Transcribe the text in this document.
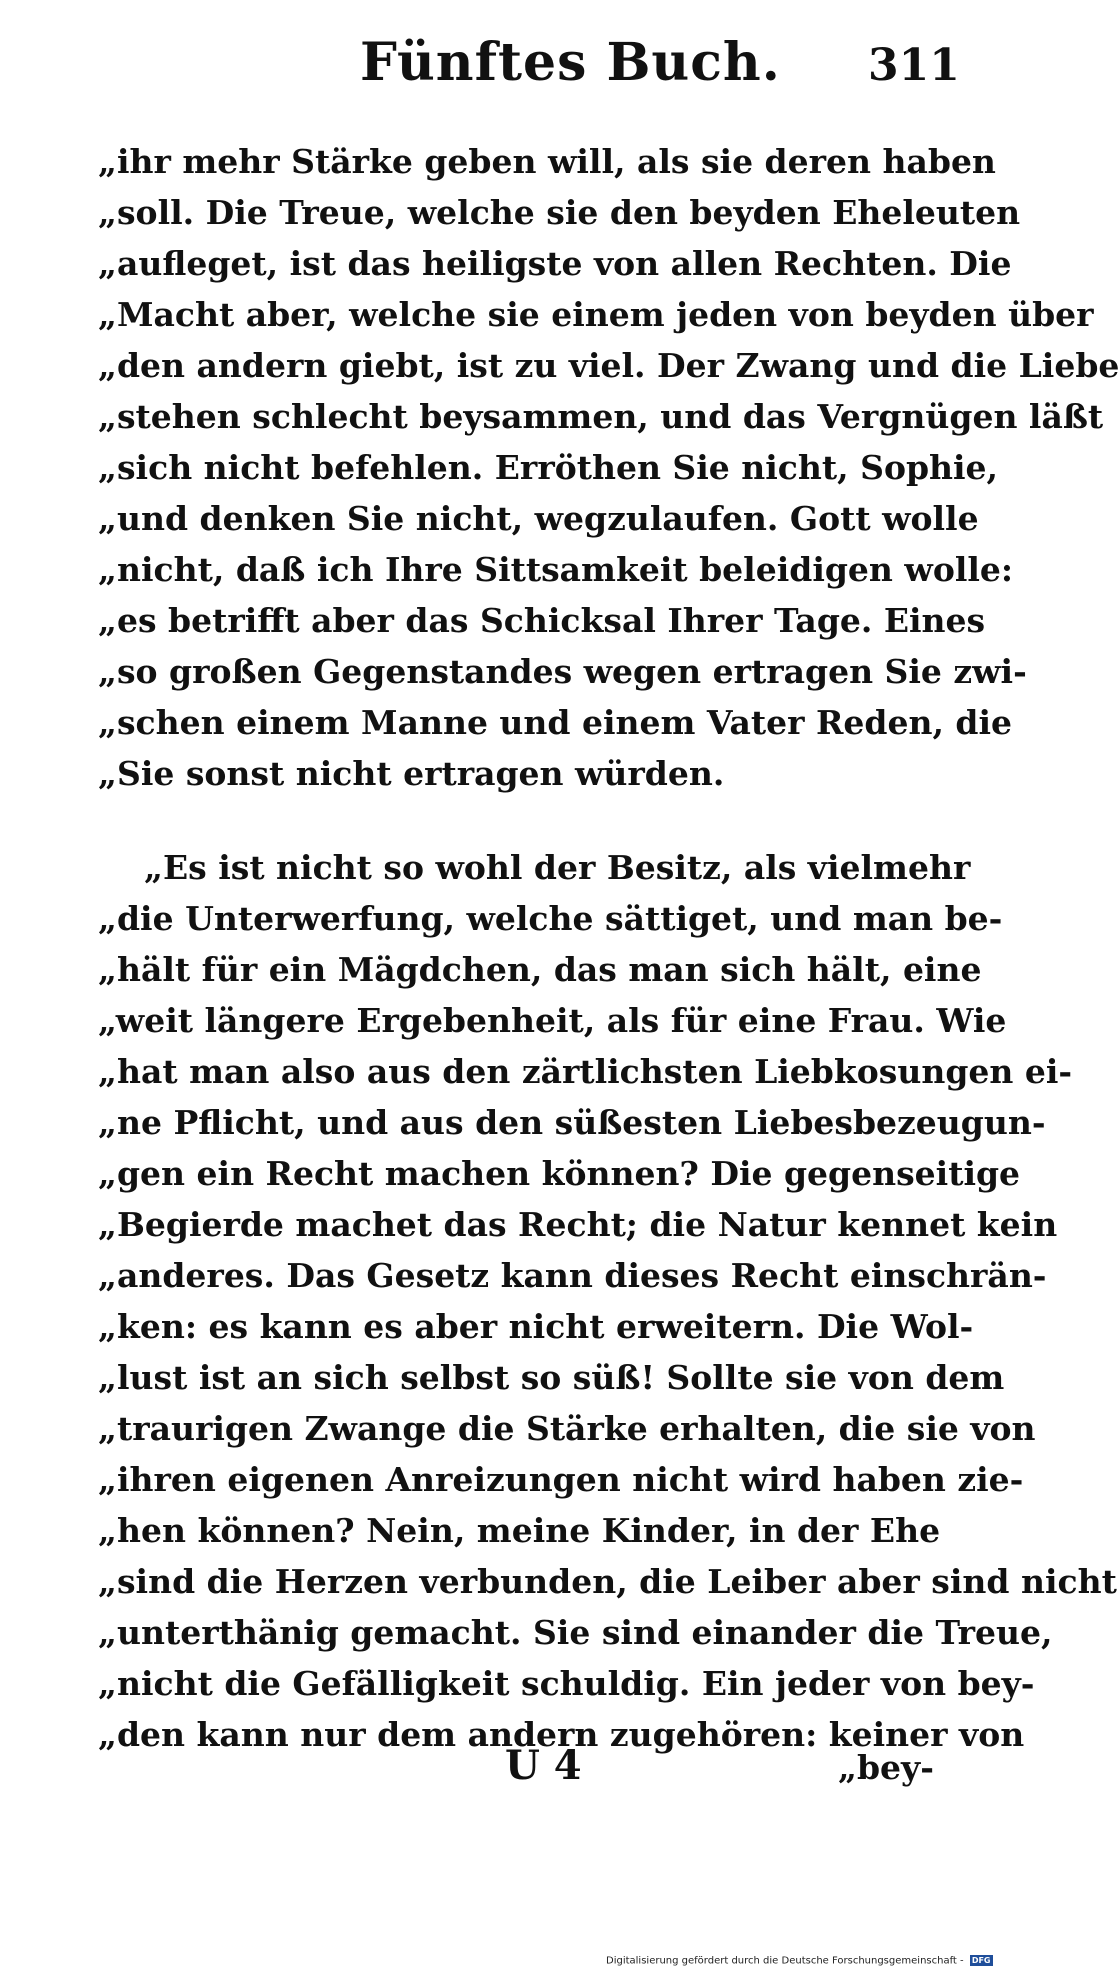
Fünftes Buch. 311
„ihr mehr Stärke geben will, als sie deren haben
„soll. Die Treue, welche sie den beyden Eheleuten
„aufleget, ist das heiligste von allen Rechten. Die
„Macht aber, welche sie einem jeden von beyden über
„den andern giebt, ist zu viel. Der Zwang und die Liebe
„stehen schlecht beysammen, und das Vergnügen läßt
„sich nicht befehlen. Erröthen Sie nicht, Sophie,
„und denken Sie nicht, wegzulaufen. Gott wolle
„nicht, daß ich Ihre Sittsamkeit beleidigen wolle:
„es betrifft aber das Schicksal Ihrer Tage. Eines
„so großen Gegenstandes wegen ertragen Sie zwi-
„schen einem Manne und einem Vater Reden, die
„Sie sonst nicht ertragen würden.
„Es ist nicht so wohl der Besitz, als vielmehr
„die Unterwerfung, welche sättiget, und man be-
„hält für ein Mägdchen, das man sich hält, eine
„weit längere Ergebenheit, als für eine Frau. Wie
„hat man also aus den zärtlichsten Liebkosungen ei-
„ne Pflicht, und aus den süßesten Liebesbezeugun-
„gen ein Recht machen können? Die gegenseitige
„Begierde machet das Recht; die Natur kennet kein
„anderes. Das Gesetz kann dieses Recht einschrän-
„ken: es kann es aber nicht erweitern. Die Wol-
„lust ist an sich selbst so süß! Sollte sie von dem
„traurigen Zwange die Stärke erhalten, die sie von
„ihren eigenen Anreizungen nicht wird haben zie-
„hen können? Nein, meine Kinder, in der Ehe
„sind die Herzen verbunden, die Leiber aber sind nicht
„unterthänig gemacht. Sie sind einander die Treue,
„nicht die Gefälligkeit schuldig. Ein jeder von bey-
„den kann nur dem andern zugehören: keiner von
U 4	„bey-
Digitalisierung gefördert durch die Deutsche Forschungsgemeinschaft - DFG
